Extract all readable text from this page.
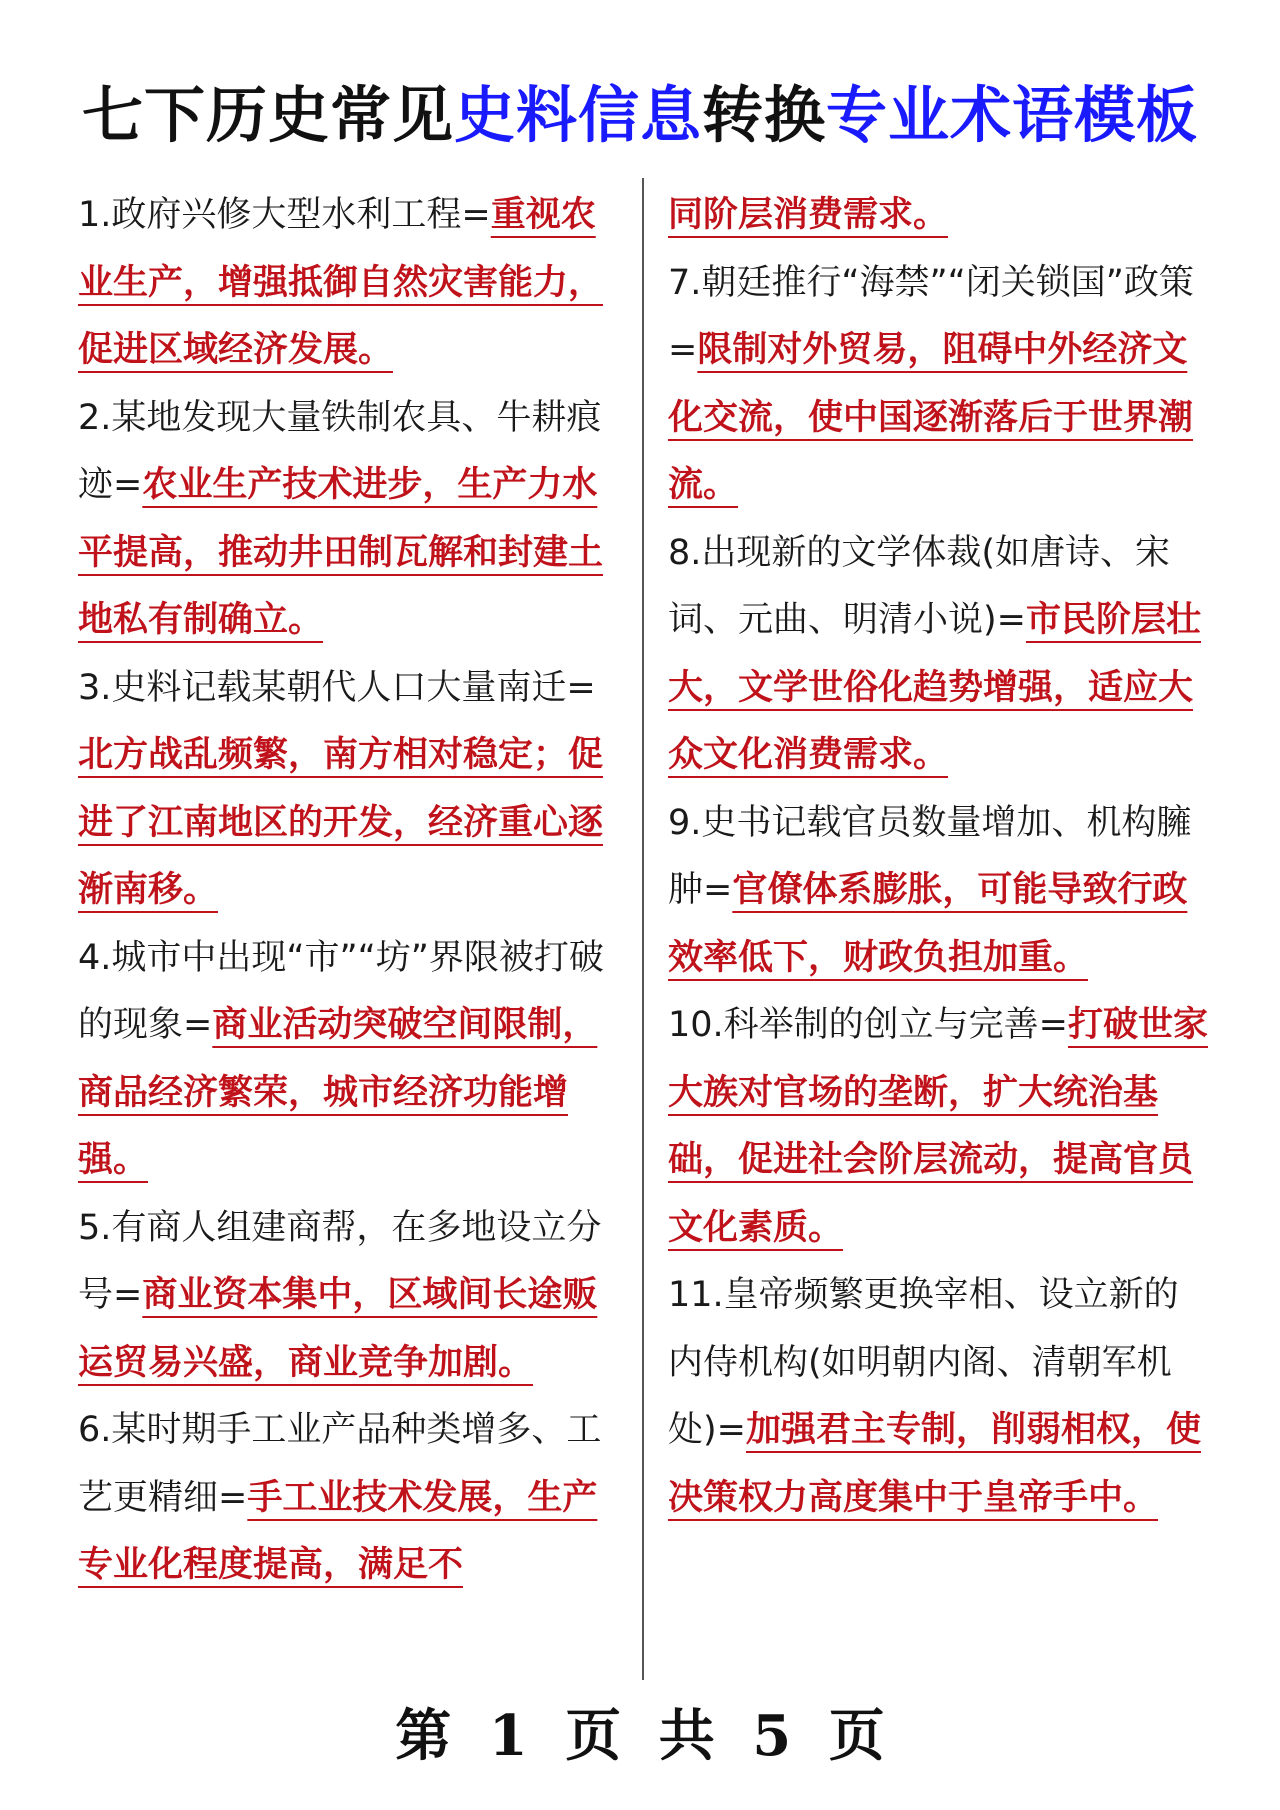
七下历史常见史料信息转换专业术语模板

1.政府兴修大型水利工程=重视农业生产，增强抵御自然灾害能力，促进区域经济发展。

2.某地发现大量铁制农具、牛耕痕迹=农业生产技术进步，生产力水平提高，推动井田制瓦解和封建土地私有制确立。

3.史料记载某朝代人口大量南迁=北方战乱频繁，南方相对稳定；促进了江南地区的开发，经济重心逐渐南移。

4.城市中出现“市”“坊”界限被打破的现象=商业活动突破空间限制，商品经济繁荣，城市经济功能增强。

5.有商人组建商帮，在多地设立分号=商业资本集中，区域间长途贩运贸易兴盛，商业竞争加剧。

6.某时期手工业产品种类增多、工艺更精细=手工业技术发展，生产专业化程度提高，满足不

同阶层消费需求。

7.朝廷推行“海禁”“闭关锁国”政策=限制对外贸易，阻碍中外经济文化交流，使中国逐渐落后于世界潮流。

8.出现新的文学体裁(如唐诗、宋词、元曲、明清小说)=市民阶层壮大，文学世俗化趋势增强，适应大众文化消费需求。

9.史书记载官员数量增加、机构臃肿=官僚体系膨胀，可能导致行政效率低下，财政负担加重。

10.科举制的创立与完善=打破世家大族对官场的垄断，扩大统治基础，促进社会阶层流动，提高官员文化素质。

11.皇帝频繁更换宰相、设立新的内侍机构(如明朝内阁、清朝军机处)=加强君主专制，削弱相权，使决策权力高度集中于皇帝手中。

第 1 页 共 5 页
